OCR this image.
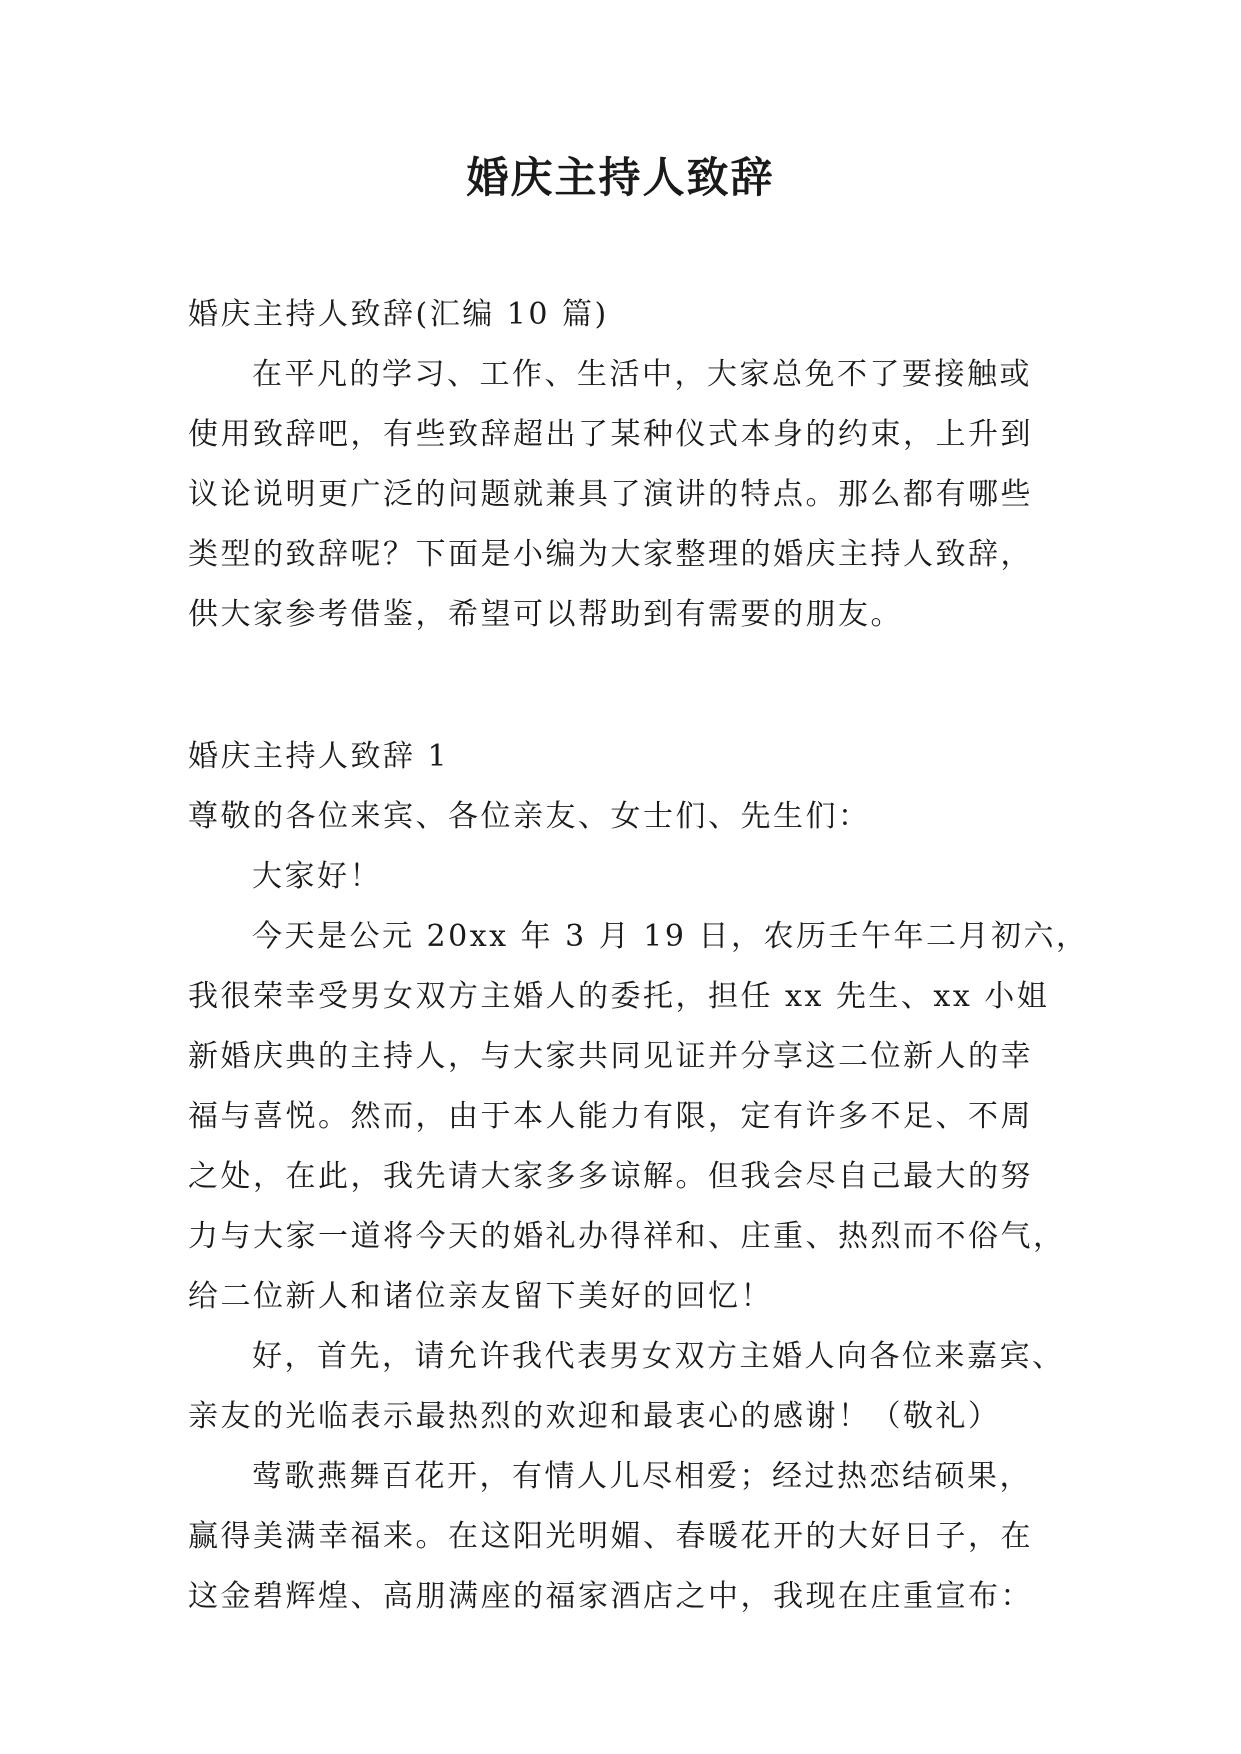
婚庆主持人致辞
婚庆主持人致辞(汇编 10 篇)
在平凡的学习、工作、生活中，大家总免不了要接触或
使用致辞吧，有些致辞超出了某种仪式本身的约束，上升到
议论说明更广泛的问题就兼具了演讲的特点。那么都有哪些
类型的致辞呢？下面是小编为大家整理的婚庆主持人致辞，
供大家参考借鉴，希望可以帮助到有需要的朋友。
婚庆主持人致辞 1
尊敬的各位来宾、各位亲友、女士们、先生们：
大家好！
今天是公元 20xx 年 3 月 19 日，农历壬午年二月初六，
我很荣幸受男女双方主婚人的委托，担任 xx 先生、xx 小姐
新婚庆典的主持人，与大家共同见证并分享这二位新人的幸
福与喜悦。然而，由于本人能力有限，定有许多不足、不周
之处，在此，我先请大家多多谅解。但我会尽自己最大的努
力与大家一道将今天的婚礼办得祥和、庄重、热烈而不俗气，
给二位新人和诸位亲友留下美好的回忆！
好，首先，请允许我代表男女双方主婚人向各位来嘉宾、
亲友的光临表示最热烈的欢迎和最衷心的感谢！（敬礼）
莺歌燕舞百花开，有情人儿尽相爱；经过热恋结硕果，
赢得美满幸福来。在这阳光明媚、春暖花开的大好日子，在
这金碧辉煌、高朋满座的福家酒店之中，我现在庄重宣布：
